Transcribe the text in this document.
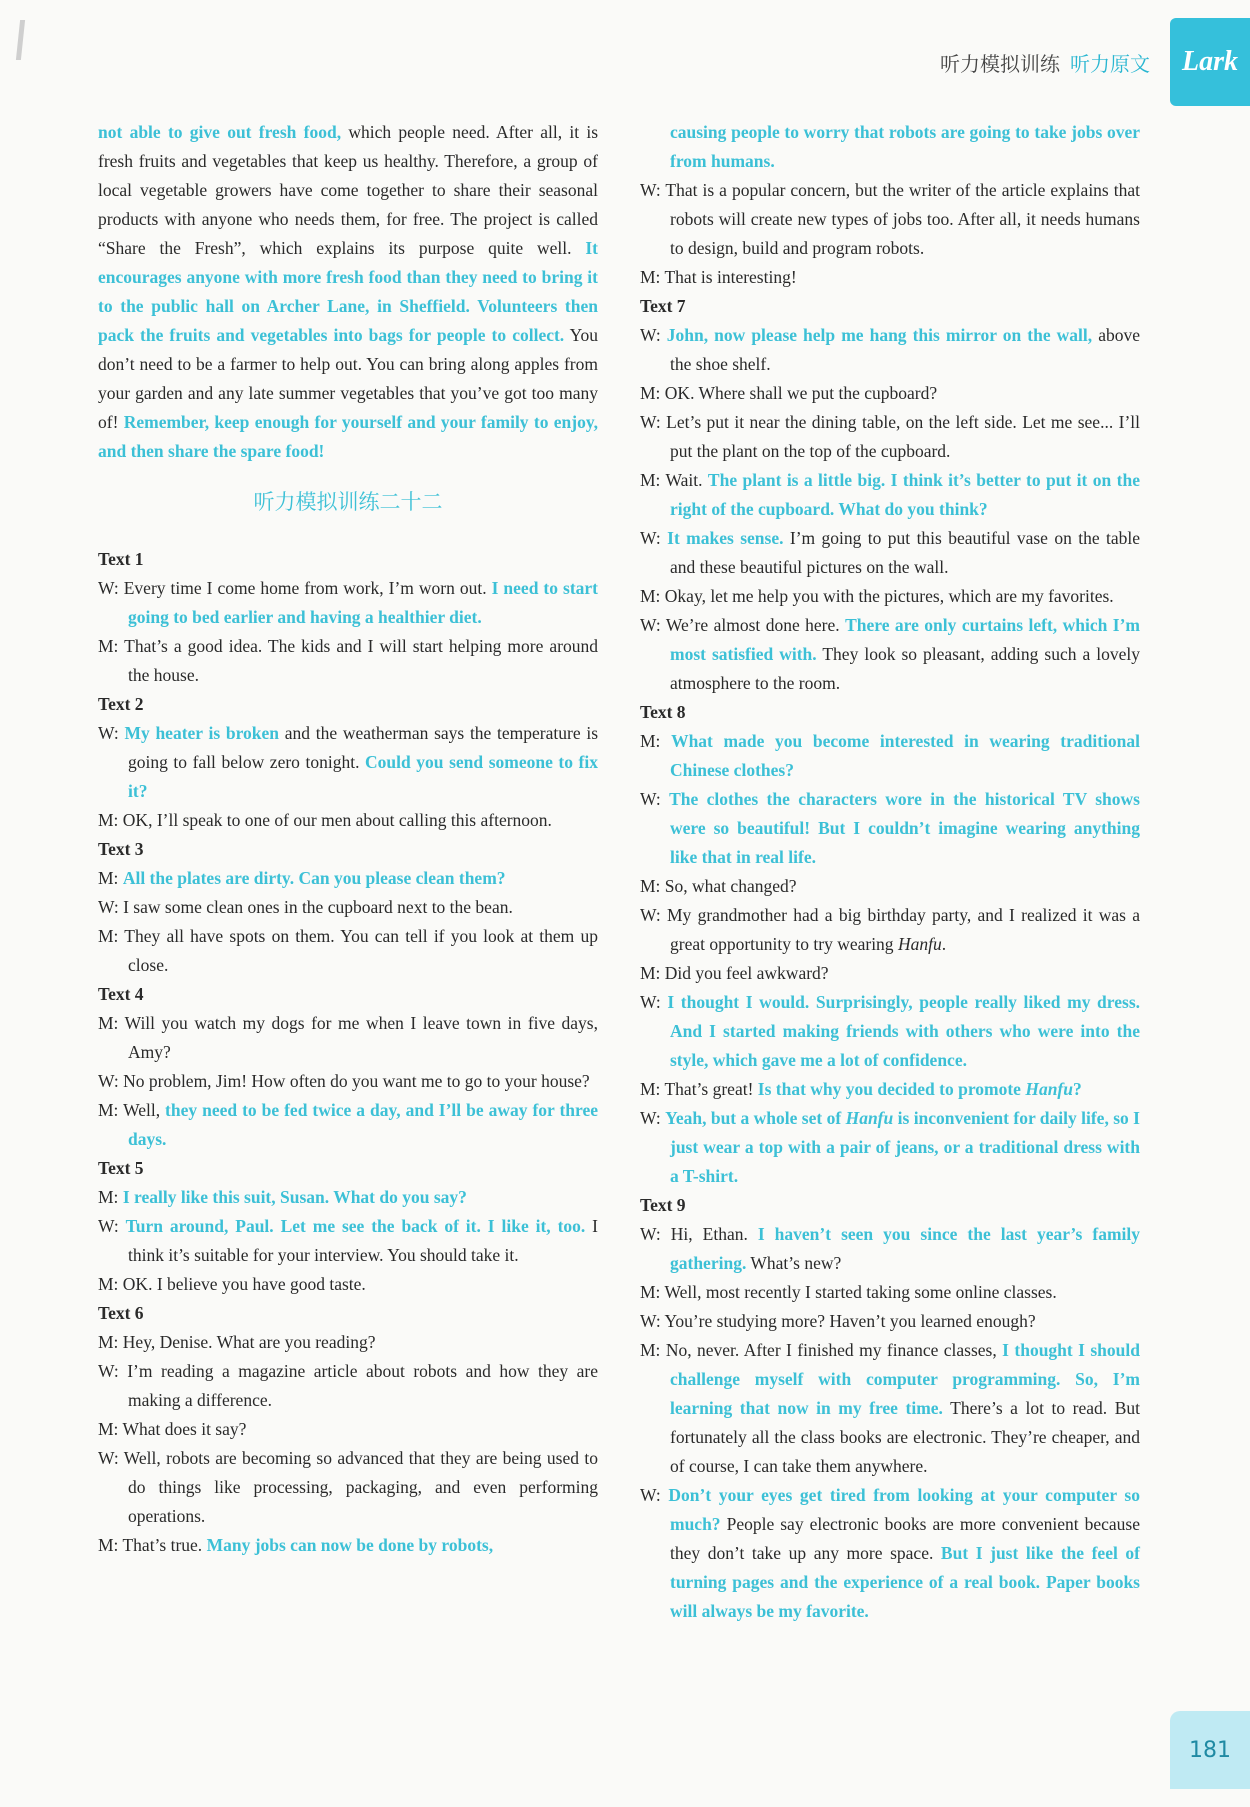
听力模拟训练 听力原文	Lark

not able to give out fresh food, which people need. After all, it is fresh fruits and vegetables that keep us healthy. Therefore, a group of local vegetable growers have come together to share their seasonal products with anyone who needs them, for free. The project is called “Share the Fresh”, which explains its purpose quite well. It encourages anyone with more fresh food than they need to bring it to the public hall on Archer Lane, in Sheffield. Volunteers then pack the fruits and vegetables into bags for people to collect. You don’t need to be a farmer to help out. You can bring along apples from your garden and any late summer vegetables that you’ve got too many of! Remember, keep enough for yourself and your family to enjoy, and then share the spare food!

听力模拟训练二十二

Text 1

W: Every time I come home from work, I’m worn out. I need to start going to bed earlier and having a healthier diet.

M: That’s a good idea. The kids and I will start helping more around the house.

Text 2

W: My heater is broken and the weatherman says the temperature is going to fall below zero tonight. Could you send someone to fix it?

M: OK, I’ll speak to one of our men about calling this afternoon.

Text 3

M: All the plates are dirty. Can you please clean them?

W: I saw some clean ones in the cupboard next to the bean.

M: They all have spots on them. You can tell if you look at them up close.

Text 4

M: Will you watch my dogs for me when I leave town in five days, Amy?

W: No problem, Jim! How often do you want me to go to your house?

M: Well, they need to be fed twice a day, and I’ll be away for three days.

Text 5

M: I really like this suit, Susan. What do you say?

W: Turn around, Paul. Let me see the back of it. I like it, too. I think it’s suitable for your interview. You should take it.

M: OK. I believe you have good taste.

Text 6

M: Hey, Denise. What are you reading?

W: I’m reading a magazine article about robots and how they are making a difference.

M: What does it say?

W: Well, robots are becoming so advanced that they are being used to do things like processing, packaging, and even performing operations.

M: That’s true. Many jobs can now be done by robots,

causing people to worry that robots are going to take jobs over from humans.

W: That is a popular concern, but the writer of the article explains that robots will create new types of jobs too. After all, it needs humans to design, build and program robots.

M: That is interesting!

Text 7

W: John, now please help me hang this mirror on the wall, above the shoe shelf.

M: OK. Where shall we put the cupboard?

W: Let’s put it near the dining table, on the left side. Let me see... I’ll put the plant on the top of the cupboard.

M: Wait. The plant is a little big. I think it’s better to put it on the right of the cupboard. What do you think?

W: It makes sense. I’m going to put this beautiful vase on the table and these beautiful pictures on the wall.

M: Okay, let me help you with the pictures, which are my favorites.

W: We’re almost done here. There are only curtains left, which I’m most satisfied with. They look so pleasant, adding such a lovely atmosphere to the room.

Text 8

M: What made you become interested in wearing traditional Chinese clothes?

W: The clothes the characters wore in the historical TV shows were so beautiful! But I couldn’t imagine wearing anything like that in real life.

M: So, what changed?

W: My grandmother had a big birthday party, and I realized it was a great opportunity to try wearing Hanfu.

M: Did you feel awkward?

W: I thought I would. Surprisingly, people really liked my dress. And I started making friends with others who were into the style, which gave me a lot of confidence.

M: That’s great! Is that why you decided to promote Hanfu?

W: Yeah, but a whole set of Hanfu is inconvenient for daily life, so I just wear a top with a pair of jeans, or a traditional dress with a T-shirt.

Text 9

W: Hi, Ethan. I haven’t seen you since the last year’s family gathering. What’s new?

M: Well, most recently I started taking some online classes.

W: You’re studying more? Haven’t you learned enough?

M: No, never. After I finished my finance classes, I thought I should challenge myself with computer programming. So, I’m learning that now in my free time. There’s a lot to read. But fortunately all the class books are electronic. They’re cheaper, and of course, I can take them anywhere.

W: Don’t your eyes get tired from looking at your computer so much? People say electronic books are more convenient because they don’t take up any more space. But I just like the feel of turning pages and the experience of a real book. Paper books will always be my favorite.

181
